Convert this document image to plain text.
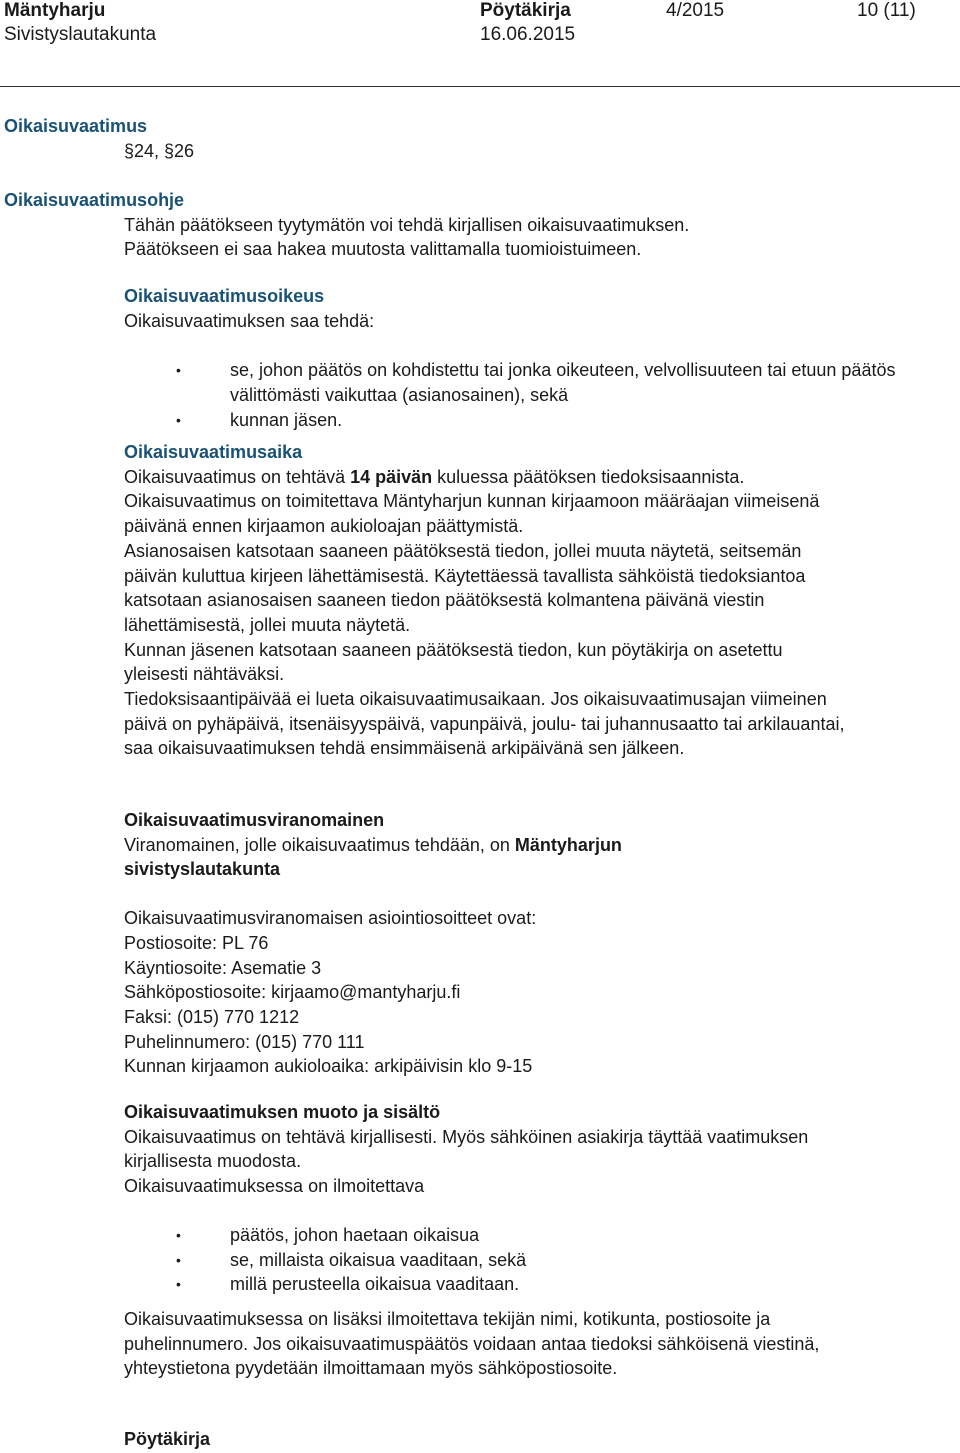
Mäntyharju
Sivistyslautakunta
Pöytäkirja
16.06.2015
4/2015	10 (11)

Oikaisuvaatimus

§24, §26

Oikaisuvaatimusohje

Tähän päätökseen tyytymätön voi tehdä kirjallisen oikaisuvaatimuksen.

Päätökseen ei saa hakea muutosta valittamalla tuomioistuimeen.

Oikaisuvaatimusoikeus

Oikaisuvaatimuksen saa tehdä:

• se, johon päätös on kohdistettu tai jonka oikeuteen, velvollisuuteen tai etuun päätös välittömästi vaikuttaa (asianosainen), sekä

• kunnan jäsen.

Oikaisuvaatimusaika

Oikaisuvaatimus on tehtävä 14 päivän kuluessa päätöksen tiedoksisaannista.

Oikaisuvaatimus on toimitettava Mäntyharjun kunnan kirjaamoon määräajan viimeisenä päivänä ennen kirjaamon aukioloajan päättymistä.

Asianosaisen katsotaan saaneen päätöksestä tiedon, jollei muuta näytetä, seitsemän päivän kuluttua kirjeen lähettämisestä. Käytettäessä tavallista sähköistä tiedoksiantoa katsotaan asianosaisen saaneen tiedon päätöksestä kolmantena päivänä viestin lähettämisestä, jollei muuta näytetä.

Kunnan jäsenen katsotaan saaneen päätöksestä tiedon, kun pöytäkirja on asetettu yleisesti nähtäväksi.

Tiedoksisaantipäivää ei lueta oikaisuvaatimusaikaan. Jos oikaisuvaatimusajan viimeinen päivä on pyhäpäivä, itsenäisyyspäivä, vapunpäivä, joulu- tai juhannusaatto tai arkilauantai, saa oikaisuvaatimuksen tehdä ensimmäisenä arkipäivänä sen jälkeen.

Oikaisuvaatimusviranomainen

Viranomainen, jolle oikaisuvaatimus tehdään, on Mäntyharjun sivistyslautakunta

Oikaisuvaatimusviranomaisen asiointiosoitteet ovat:

Postiosoite: PL 76

Käyntiosoite: Asematie 3

Sähköpostiosoite: kirjaamo@mantyharju.fi

Faksi: (015) 770 1212

Puhelinnumero: (015) 770 111

Kunnan kirjaamon aukioloaika: arkipäivisin klo 9-15

Oikaisuvaatimuksen muoto ja sisältö

Oikaisuvaatimus on tehtävä kirjallisesti. Myös sähköinen asiakirja täyttää vaatimuksen kirjallisesta muodosta.

Oikaisuvaatimuksessa on ilmoitettava

• päätös, johon haetaan oikaisua

• se, millaista oikaisua vaaditaan, sekä

• millä perusteella oikaisua vaaditaan.

Oikaisuvaatimuksessa on lisäksi ilmoitettava tekijän nimi, kotikunta, postiosoite ja puhelinnumero. Jos oikaisuvaatimuspäätös voidaan antaa tiedoksi sähköisenä viestinä, yhteystietona pyydetään ilmoittamaan myös sähköpostiosoite.

Pöytäkirja
